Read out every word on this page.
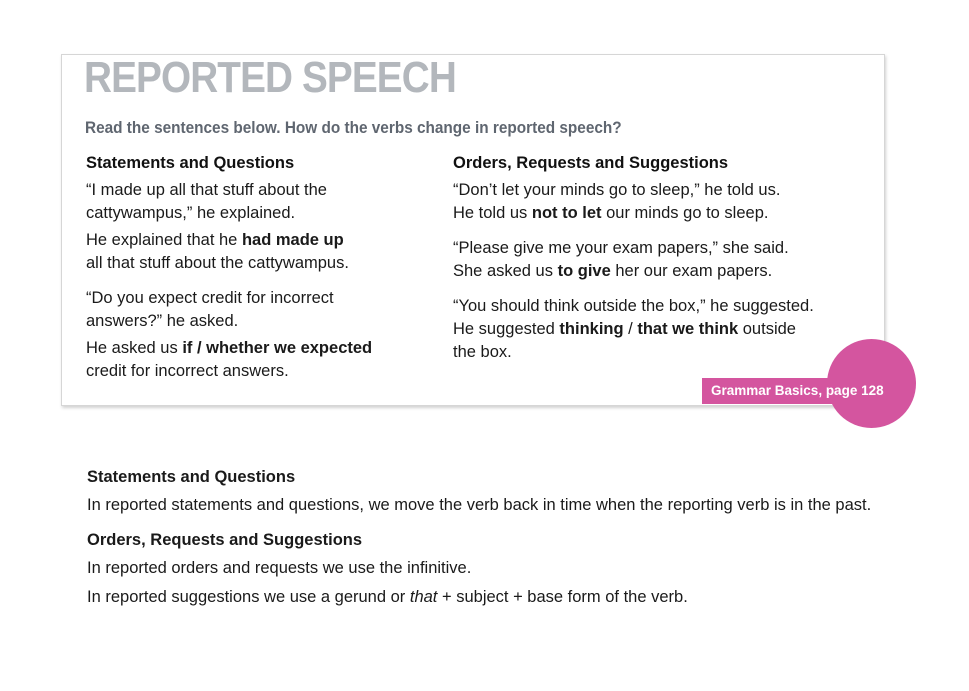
REPORTED SPEECH
Read the sentences below. How do the verbs change in reported speech?
Statements and Questions

“I made up all that stuff about the
cattywampus,” he explained.

He explained that he had made up
all that stuff about the cattywampus.

“Do you expect credit for incorrect
answers?” he asked.

He asked us if / whether we expected
credit for incorrect answers.

Orders, Requests and Suggestions

“Don’t let your minds go to sleep,” he told us.
He told us not to let our minds go to sleep.

“Please give me your exam papers,” she said.
She asked us to give her our exam papers.

“You should think outside the box,” he suggested.
He suggested thinking / that we think outside
the box.

Grammar Basics, page 128
Statements and Questions

In reported statements and questions, we move the verb back in time when the reporting verb is in the past.

Orders, Requests and Suggestions

In reported orders and requests we use the infinitive.

In reported suggestions we use a gerund or that + subject + base form of the verb.
